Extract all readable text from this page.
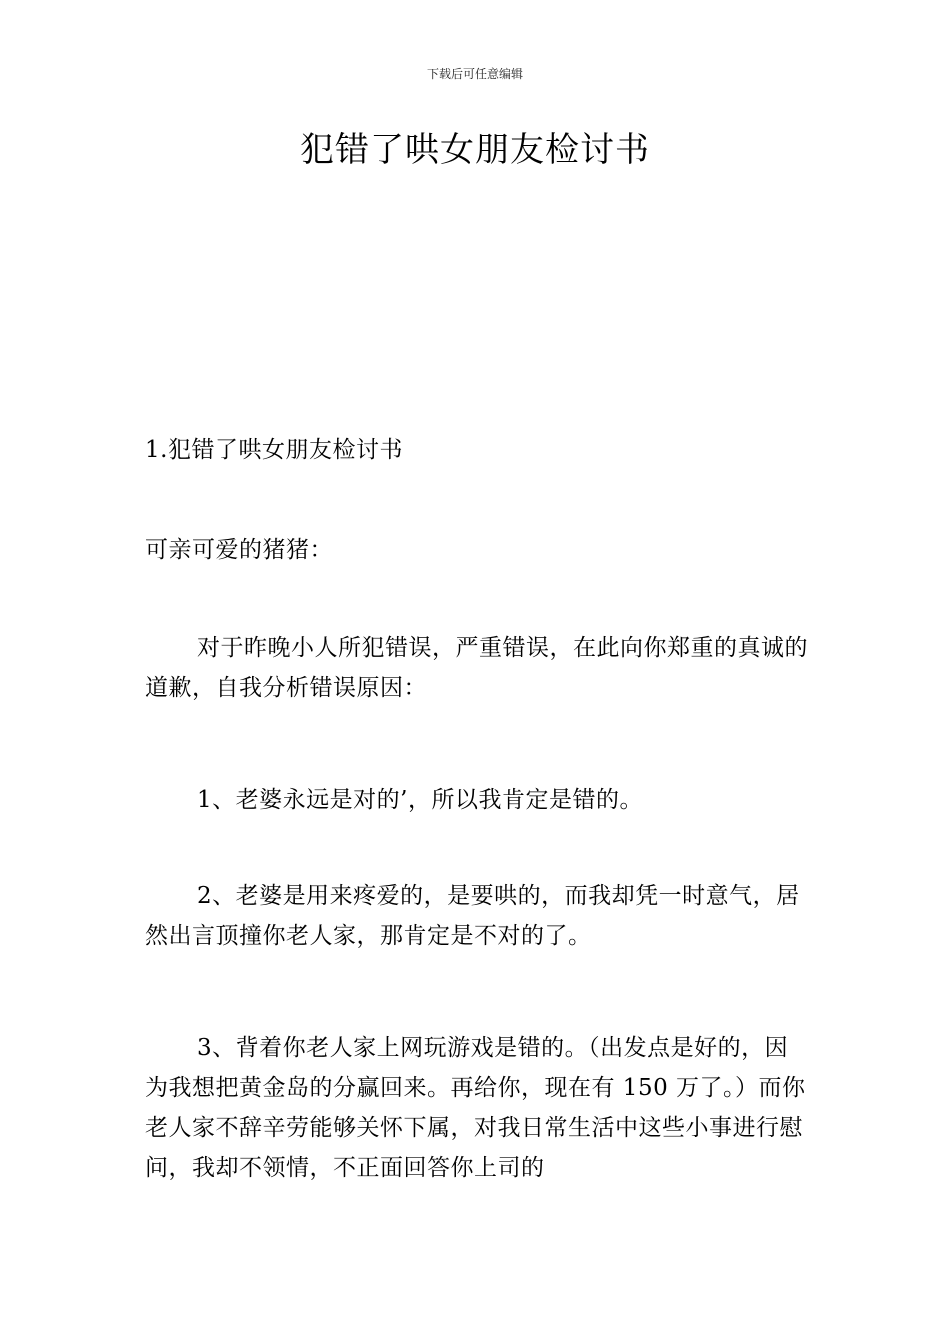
下载后可任意编辑
犯错了哄女朋友检讨书
1.犯错了哄女朋友检讨书
可亲可爱的猪猪：
对于昨晚小人所犯错误，严重错误，在此向你郑重的真诚的道歉，自我分析错误原因：
1、老婆永远是对的’，所以我肯定是错的。
2、老婆是用来疼爱的，是要哄的，而我却凭一时意气，居然出言顶撞你老人家，那肯定是不对的了。
3、背着你老人家上网玩游戏是错的。（出发点是好的，因为我想把黄金岛的分赢回来。再给你，现在有 150 万了。）而你老人家不辞辛劳能够关怀下属，对我日常生活中这些小事进行慰问，我却不领情，不正面回答你上司的
